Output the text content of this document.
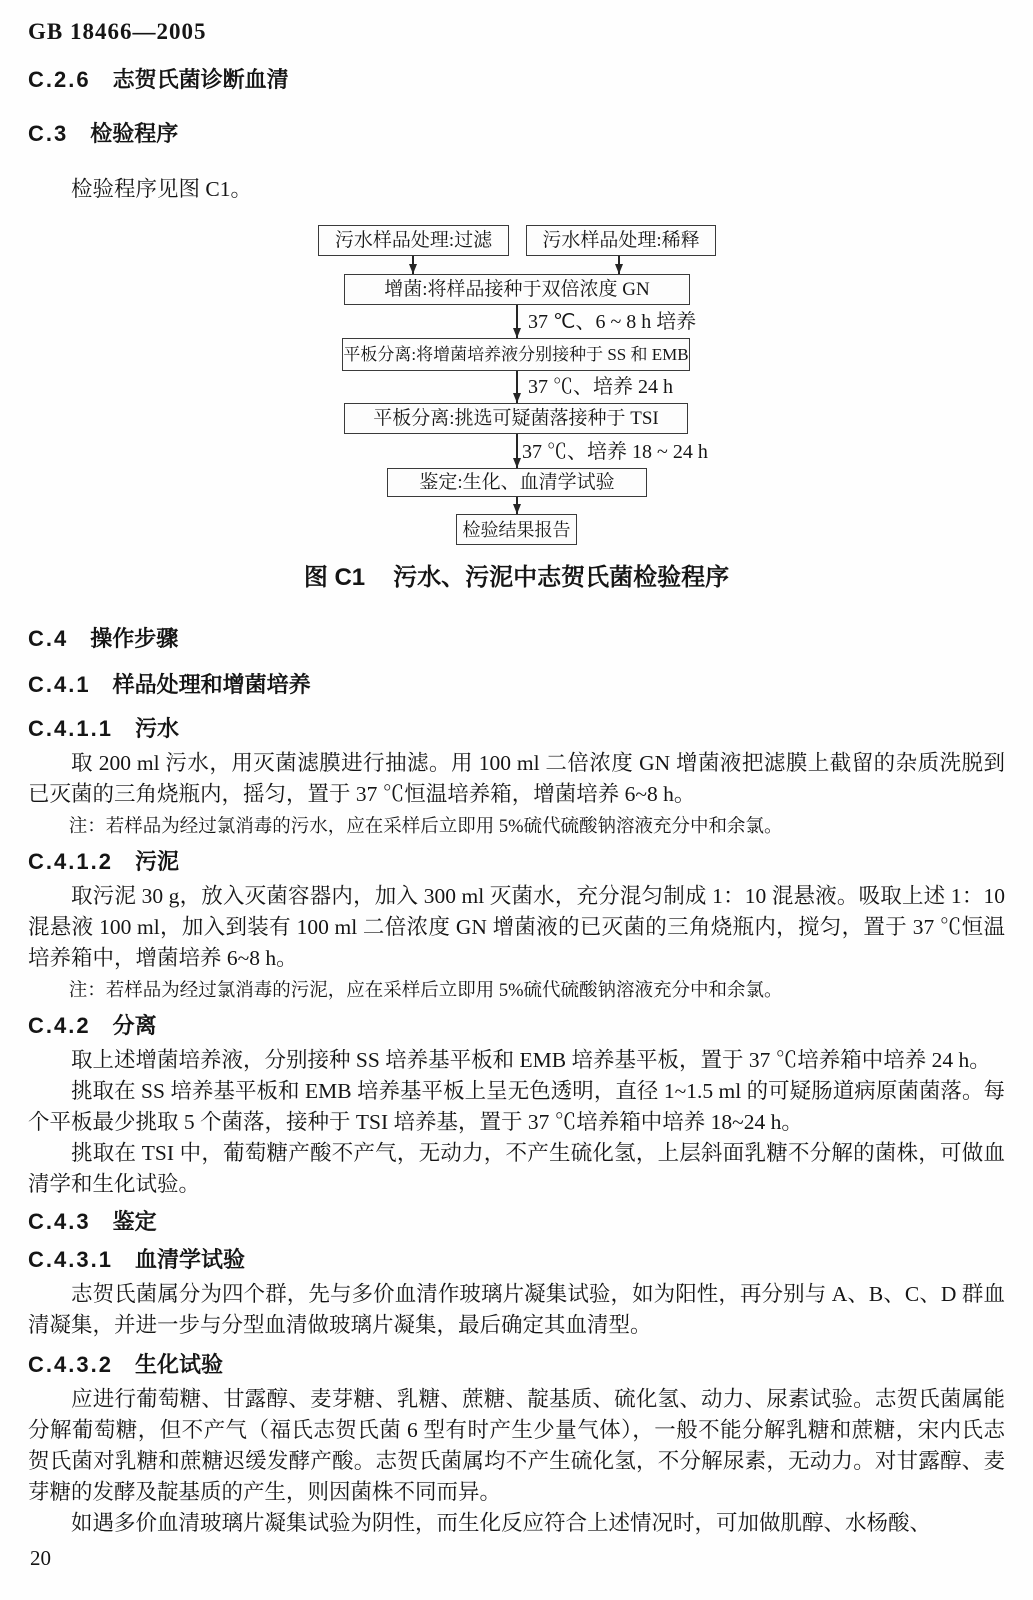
GB 18466—2005
C.2.6 志贺氏菌诊断血清
C.3 检验程序
检验程序见图 C1。
污水样品处理:过滤	污水样品处理:稀释
增菌:将样品接种于双倍浓度 GN
37 ℃、6 ~ 8 h 培养
平板分离:将增菌培养液分别接种于 SS 和 EMB
37 ℃、培养 24 h
平板分离:挑选可疑菌落接种于 TSI
37 ℃、培养 18 ~ 24 h
鉴定:生化、血清学试验
检验结果报告
图 C1 污水、污泥中志贺氏菌检验程序
C.4 操作步骤
C.4.1 样品处理和增菌培养
C.4.1.1 污水
取 200 ml 污水，用灭菌滤膜进行抽滤。用 100 ml 二倍浓度 GN 增菌液把滤膜上截留的杂质洗脱到已灭菌的三角烧瓶内，摇匀，置于 37 ℃恒温培养箱，增菌培养 6~8 h。
注：若样品为经过氯消毒的污水，应在采样后立即用 5%硫代硫酸钠溶液充分中和余氯。
C.4.1.2 污泥
取污泥 30 g，放入灭菌容器内，加入 300 ml 灭菌水，充分混匀制成 1：10 混悬液。吸取上述 1：10 混悬液 100 ml，加入到装有 100 ml 二倍浓度 GN 增菌液的已灭菌的三角烧瓶内，搅匀，置于 37 ℃恒温培养箱中，增菌培养 6~8 h。
注：若样品为经过氯消毒的污泥，应在采样后立即用 5%硫代硫酸钠溶液充分中和余氯。
C.4.2 分离
取上述增菌培养液，分别接种 SS 培养基平板和 EMB 培养基平板，置于 37 ℃培养箱中培养 24 h。
挑取在 SS 培养基平板和 EMB 培养基平板上呈无色透明，直径 1~1.5 ml 的可疑肠道病原菌菌落。每个平板最少挑取 5 个菌落，接种于 TSI 培养基，置于 37 ℃培养箱中培养 18~24 h。
挑取在 TSI 中，葡萄糖产酸不产气，无动力，不产生硫化氢，上层斜面乳糖不分解的菌株，可做血清学和生化试验。
C.4.3 鉴定
C.4.3.1 血清学试验
志贺氏菌属分为四个群，先与多价血清作玻璃片凝集试验，如为阳性，再分别与 A、B、C、D 群血清凝集，并进一步与分型血清做玻璃片凝集，最后确定其血清型。
C.4.3.2 生化试验
应进行葡萄糖、甘露醇、麦芽糖、乳糖、蔗糖、靛基质、硫化氢、动力、尿素试验。志贺氏菌属能分解葡萄糖，但不产气（福氏志贺氏菌 6 型有时产生少量气体），一般不能分解乳糖和蔗糖，宋内氏志贺氏菌对乳糖和蔗糖迟缓发酵产酸。志贺氏菌属均不产生硫化氢，不分解尿素，无动力。对甘露醇、麦芽糖的发酵及靛基质的产生，则因菌株不同而异。
如遇多价血清玻璃片凝集试验为阴性，而生化反应符合上述情况时，可加做肌醇、水杨酸、
20
